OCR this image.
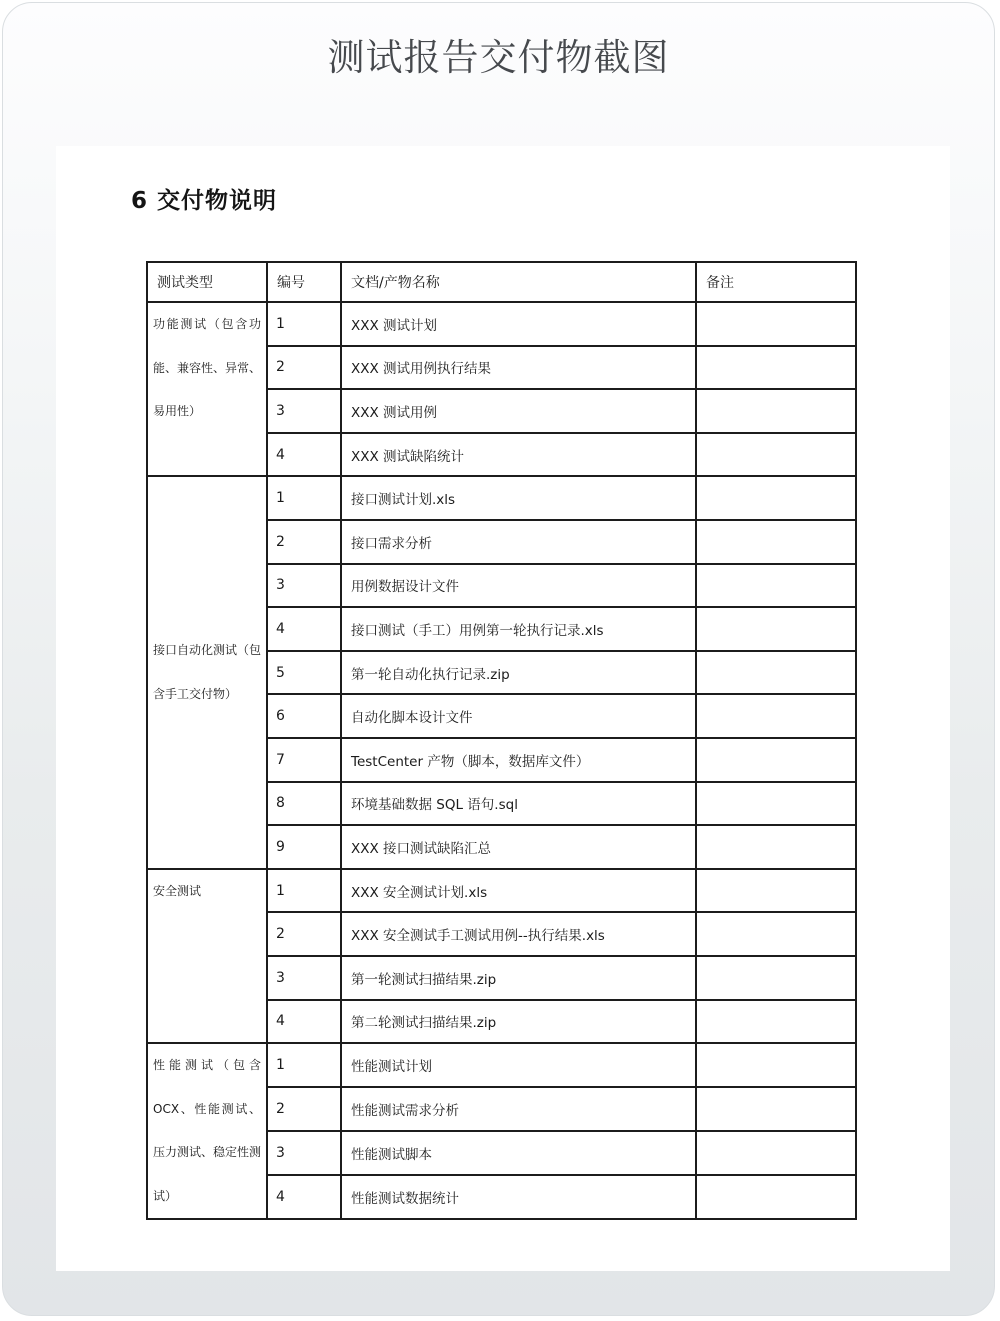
测试报告交付物截图
6 交付物说明
测试类型	编号	文档/产物名称	备注
功能测试（包含功能、兼容性、异常、易用性）	1	XXX 测试计划	
	2	XXX 测试用例执行结果	
	3	XXX 测试用例	
	4	XXX 测试缺陷统计	
接口自动化测试（包含手工交付物）	1	接口测试计划.xls	
	2	接口需求分析	
	3	用例数据设计文件	
	4	接口测试（手工）用例第一轮执行记录.xls	
	5	第一轮自动化执行记录.zip	
	6	自动化脚本设计文件	
	7	TestCenter 产物（脚本，数据库文件）	
	8	环境基础数据 SQL 语句.sql	
	9	XXX 接口测试缺陷汇总	
安全测试	1	XXX 安全测试计划.xls	
	2	XXX 安全测试手工测试用例--执行结果.xls	
	3	第一轮测试扫描结果.zip	
	4	第二轮测试扫描结果.zip	
性能测试（包含OCX、性能测试、压力测试、稳定性测试）	1	性能测试计划	
	2	性能测试需求分析	
	3	性能测试脚本	
	4	性能测试数据统计	
